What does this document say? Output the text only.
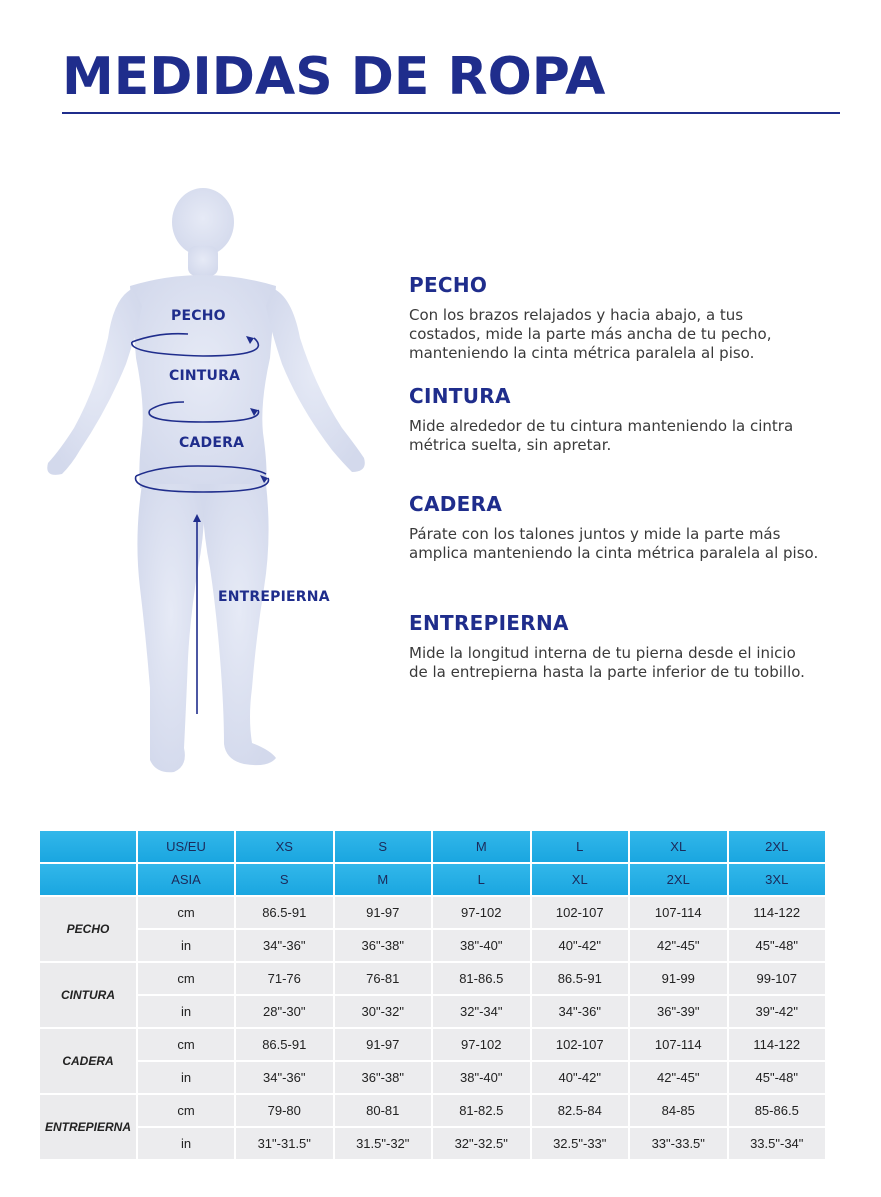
MEDIDAS DE ROPA
PECHO
CINTURA
CADERA
ENTREPIERNA
PECHO

Con los brazos relajados y hacia abajo, a tus costados, mide la parte más ancha de tu pecho, manteniendo la cinta métrica paralela al piso.

CINTURA

Mide alrededor de tu cintura manteniendo la cintra métrica suelta, sin apretar.

CADERA

Párate con los talones juntos y mide la parte más amplica manteniendo la cinta métrica paralela al piso.

ENTREPIERNA

Mide la longitud interna de tu pierna desde el inicio de la entrepierna hasta la parte inferior de tu tobillo.

	US/EU	XS	S	M	L	XL	2XL
	ASIA	S	M	L	XL	2XL	3XL
PECHO	cm	86.5-91	91-97	97-102	102-107	107-114	114-122
	in	34"-36"	36"-38"	38"-40"	40"-42"	42"-45"	45"-48"
CINTURA	cm	71-76	76-81	81-86.5	86.5-91	91-99	99-107
	in	28"-30"	30"-32"	32"-34"	34"-36"	36"-39"	39"-42"
CADERA	cm	86.5-91	91-97	97-102	102-107	107-114	114-122
	in	34"-36"	36"-38"	38"-40"	40"-42"	42"-45"	45"-48"
ENTREPIERNA	cm	79-80	80-81	81-82.5	82.5-84	84-85	85-86.5
	in	31"-31.5"	31.5"-32"	32"-32.5"	32.5"-33"	33"-33.5"	33.5"-34"
